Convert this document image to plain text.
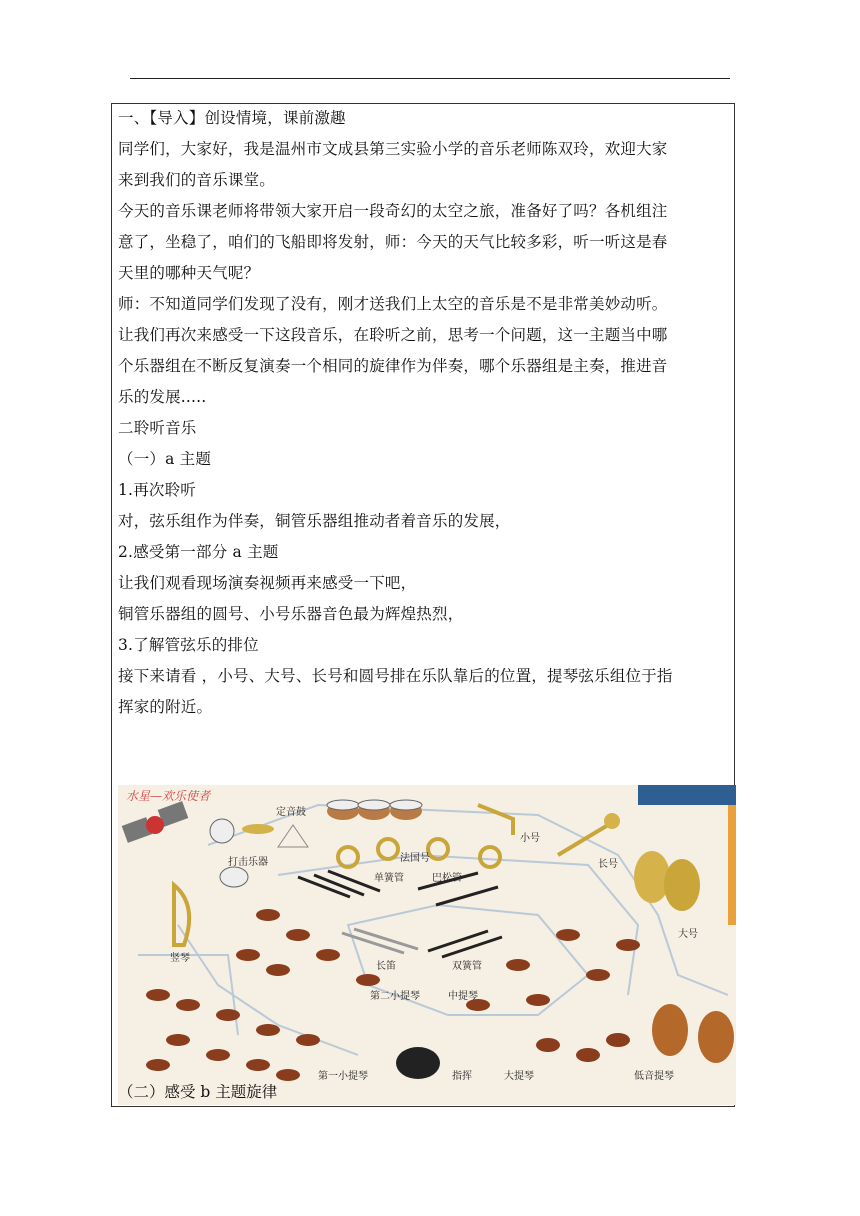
一、【导入】创设情境，课前激趣

同学们，大家好，我是温州市文成县第三实验小学的音乐老师陈双玲，欢迎大家

来到我们的音乐课堂。

今天的音乐课老师将带领大家开启一段奇幻的太空之旅，准备好了吗？各机组注

意了，坐稳了，咱们的飞船即将发射，师：今天的天气比较多彩，听一听这是春

天里的哪种天气呢？

师：不知道同学们发现了没有，刚才送我们上太空的音乐是不是非常美妙动听。

让我们再次来感受一下这段音乐，在聆听之前，思考一个问题，这一主题当中哪

个乐器组在不断反复演奏一个相同的旋律作为伴奏，哪个乐器组是主奏，推进音

乐的发展.....

二聆听音乐

（一）a 主题

1.再次聆听

对，弦乐组作为伴奏，铜管乐器组推动者着音乐的发展，

2.感受第一部分 a 主题

让我们观看现场演奏视频再来感受一下吧，

铜管乐器组的圆号、小号乐器音色最为辉煌热烈，

3.了解管弦乐的排位

接下来请看 ，小号、大号、长号和圆号排在乐队靠后的位置，提琴弦乐组位于指

挥家的附近。

水星—欢乐使者
定音鼓
打击乐器
小号
长号
法国号
大号
竖琴
单簧管	巴松管
长笛	双簧管
第二小提琴	中提琴
第一小提琴	指挥	大提琴	低音提琴
（二）感受 b 主题旋律
